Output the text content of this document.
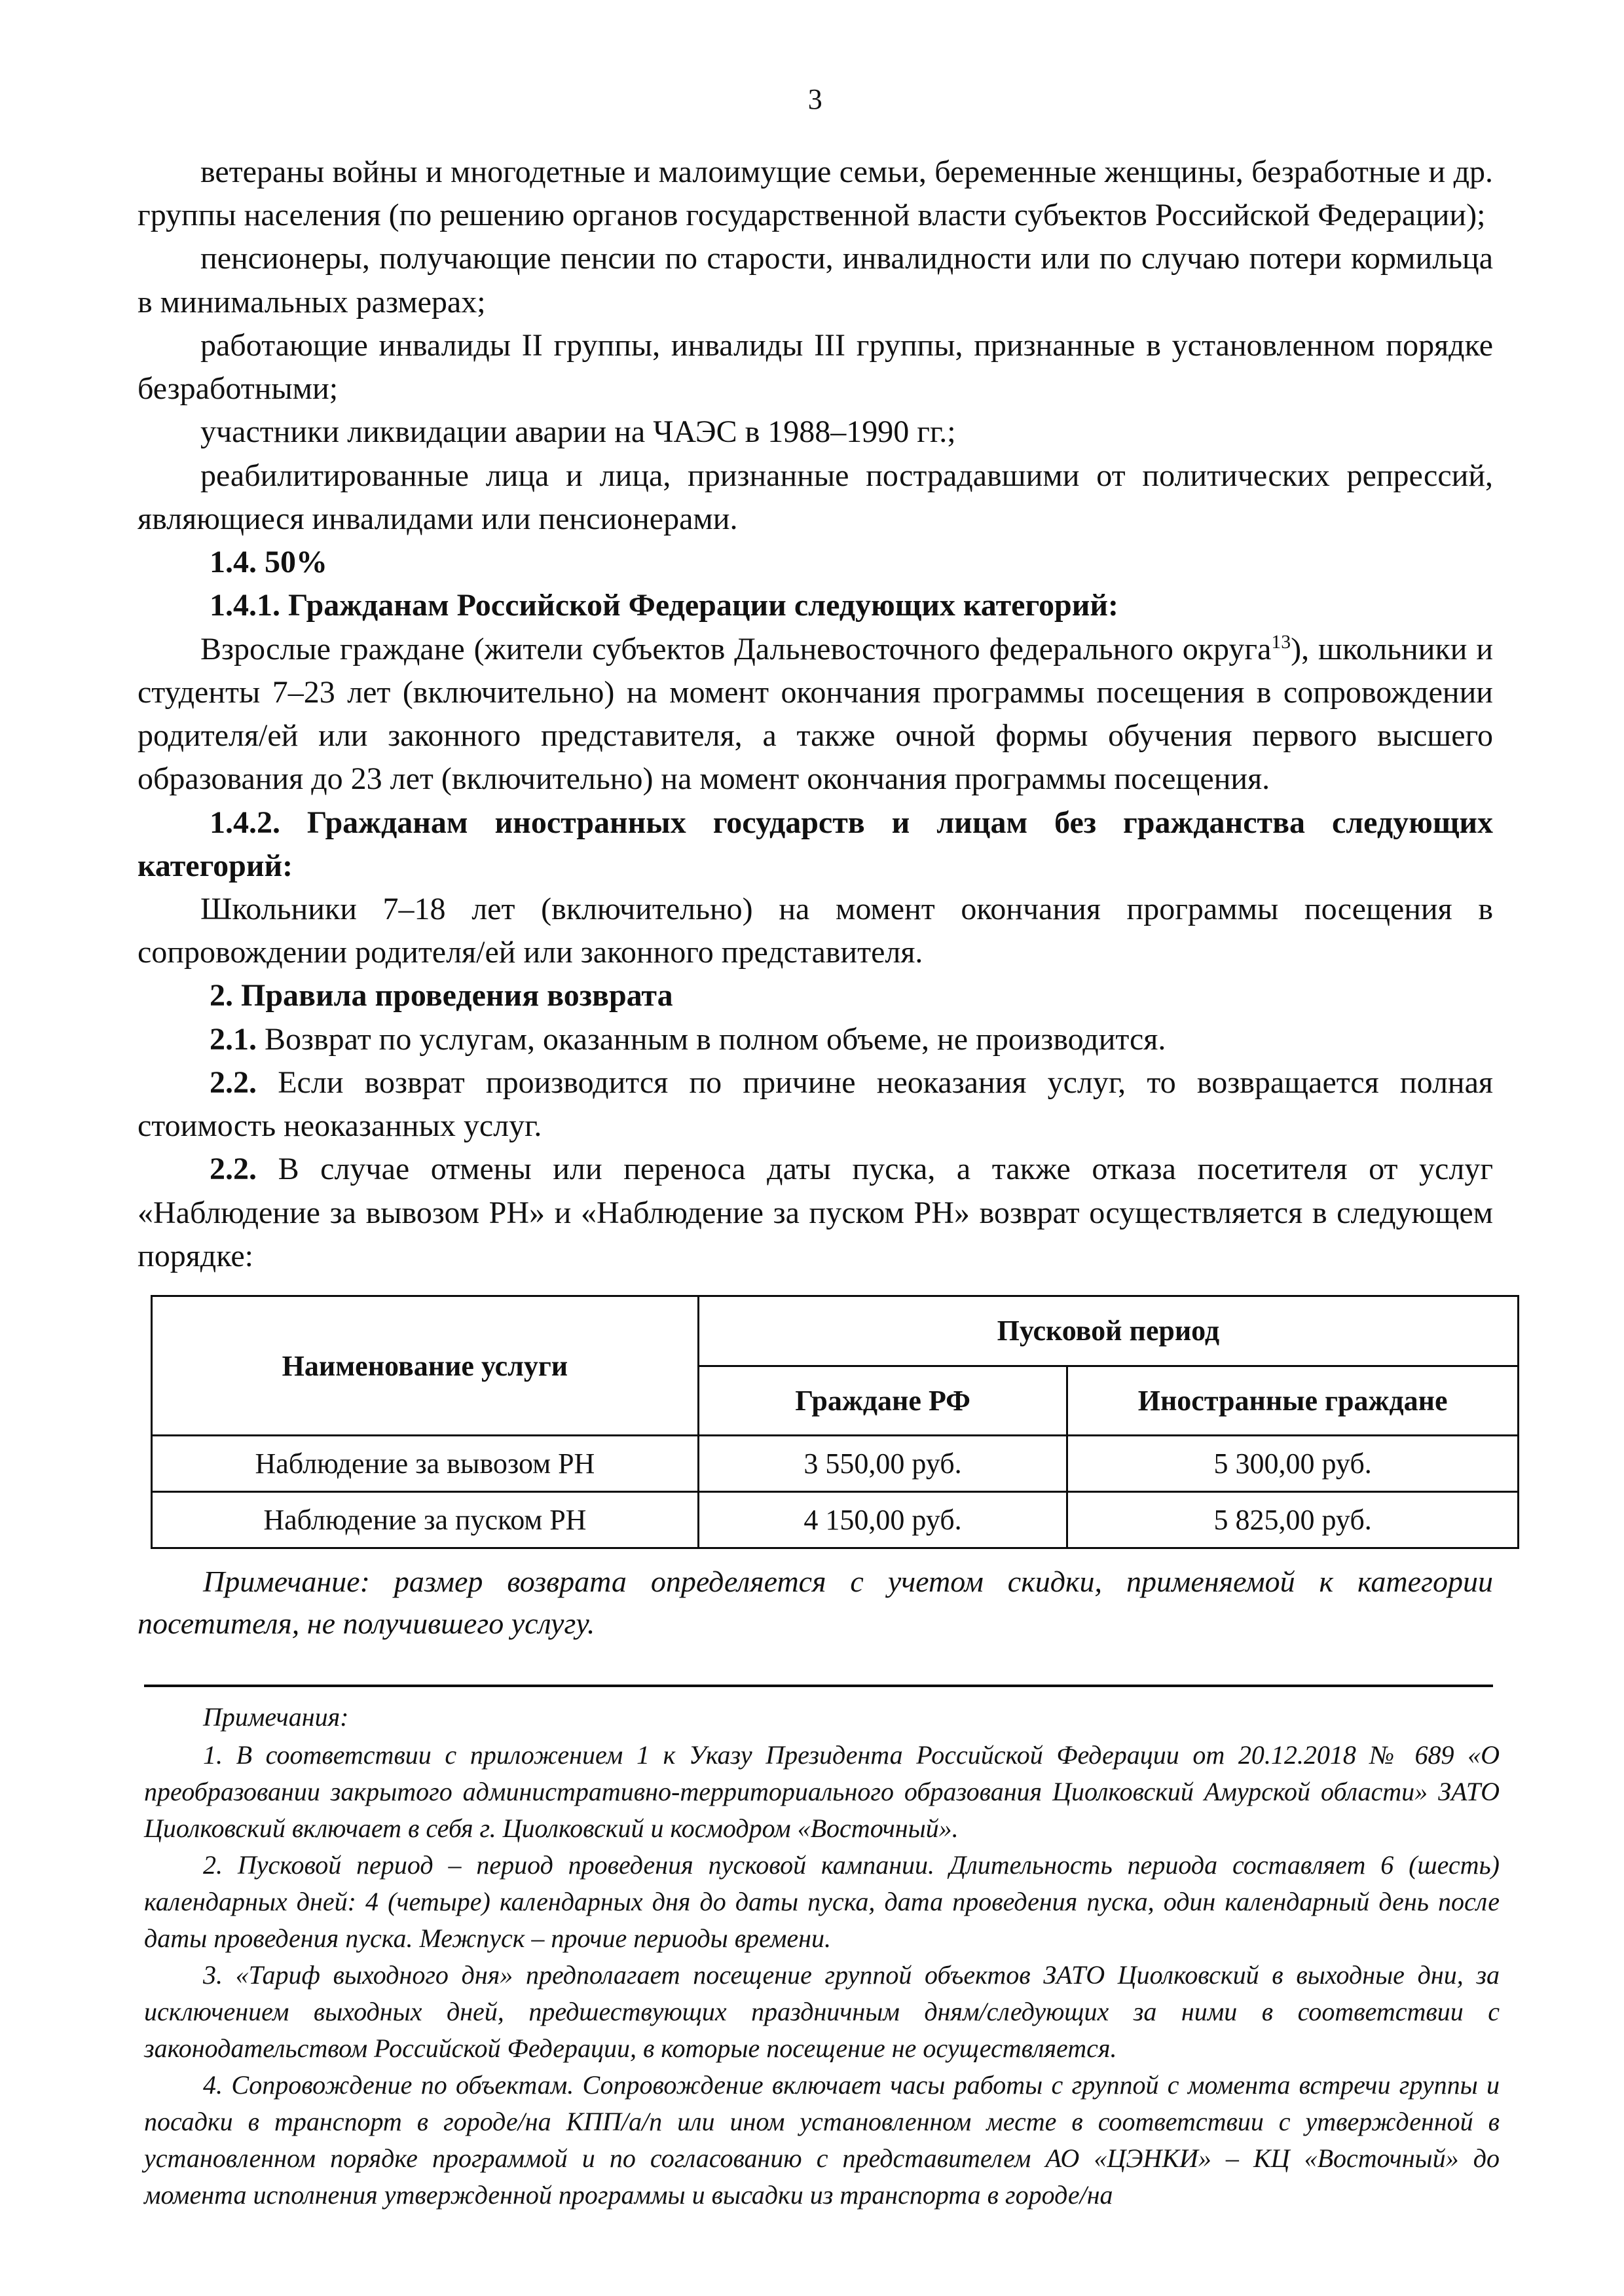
3

ветераны войны и многодетные и малоимущие семьи, беременные женщины, безработные и др. группы населения (по решению органов государственной власти субъектов Российской Федерации);

пенсионеры, получающие пенсии по старости, инвалидности или по случаю потери кормильца в минимальных размерах;

работающие инвалиды II группы, инвалиды III группы, признанные в установленном порядке безработными;

участники ликвидации аварии на ЧАЭС в 1988–1990 гг.;

реабилитированные лица и лица, признанные пострадавшими от политических репрессий, являющиеся инвалидами или пенсионерами.

1.4. 50%

1.4.1. Гражданам Российской Федерации следующих категорий:

Взрослые граждане (жители субъектов Дальневосточного федерального округа$^{13}$), школьники и студенты 7–23 лет (включительно) на момент окончания программы посещения в сопровождении родителя/ей или законного представителя, а также очной формы обучения первого высшего образования до 23 лет (включительно) на момент окончания программы посещения.

1.4.2. Гражданам иностранных государств и лицам без гражданства следующих категорий:

Школьники 7–18 лет (включительно) на момент окончания программы посещения в сопровождении родителя/ей или законного представителя.

2. Правила проведения возврата

2.1. Возврат по услугам, оказанным в полном объеме, не производится.

2.2. Если возврат производится по причине неоказания услуг, то возвращается полная стоимость неоказанных услуг.

2.2. В случае отмены или переноса даты пуска, а также отказа посетителя от услуг «Наблюдение за вывозом РН» и «Наблюдение за пуском РН» возврат осуществляется в следующем порядке:

Наименование услуги	Пусковой период	
	Граждане РФ	Иностранные граждане
Наблюдение за вывозом РН	3 550,00 руб.	5 300,00 руб.
Наблюдение за пуском РН	4 150,00 руб.	5 825,00 руб.

Примечание: размер возврата определяется с учетом скидки, применяемой к категории посетителя, не получившего услугу.

Примечания:

1. В соответствии с приложением 1 к Указу Президента Российской Федерации от 20.12.2018 № 689 «О преобразовании закрытого административно-территориального образования Циолковский Амурской области» ЗАТО Циолковский включает в себя г. Циолковский и космодром «Восточный».

2. Пусковой период – период проведения пусковой кампании. Длительность периода составляет 6 (шесть) календарных дней: 4 (четыре) календарных дня до даты пуска, дата проведения пуска, один календарный день после даты проведения пуска. Межпуск – прочие периоды времени.

3. «Тариф выходного дня» предполагает посещение группой объектов ЗАТО Циолковский в выходные дни, за исключением выходных дней, предшествующих праздничным дням/следующих за ними в соответствии с законодательством Российской Федерации, в которые посещение не осуществляется.

4. Сопровождение по объектам. Сопровождение включает часы работы с группой с момента встречи группы и посадки в транспорт в городе/на КПП/а/п или ином установленном месте в соответствии с утвержденной в установленном порядке программой и по согласованию с представителем АО «ЦЭНКИ» – КЦ «Восточный» до момента исполнения утвержденной программы и высадки из транспорта в городе/на
